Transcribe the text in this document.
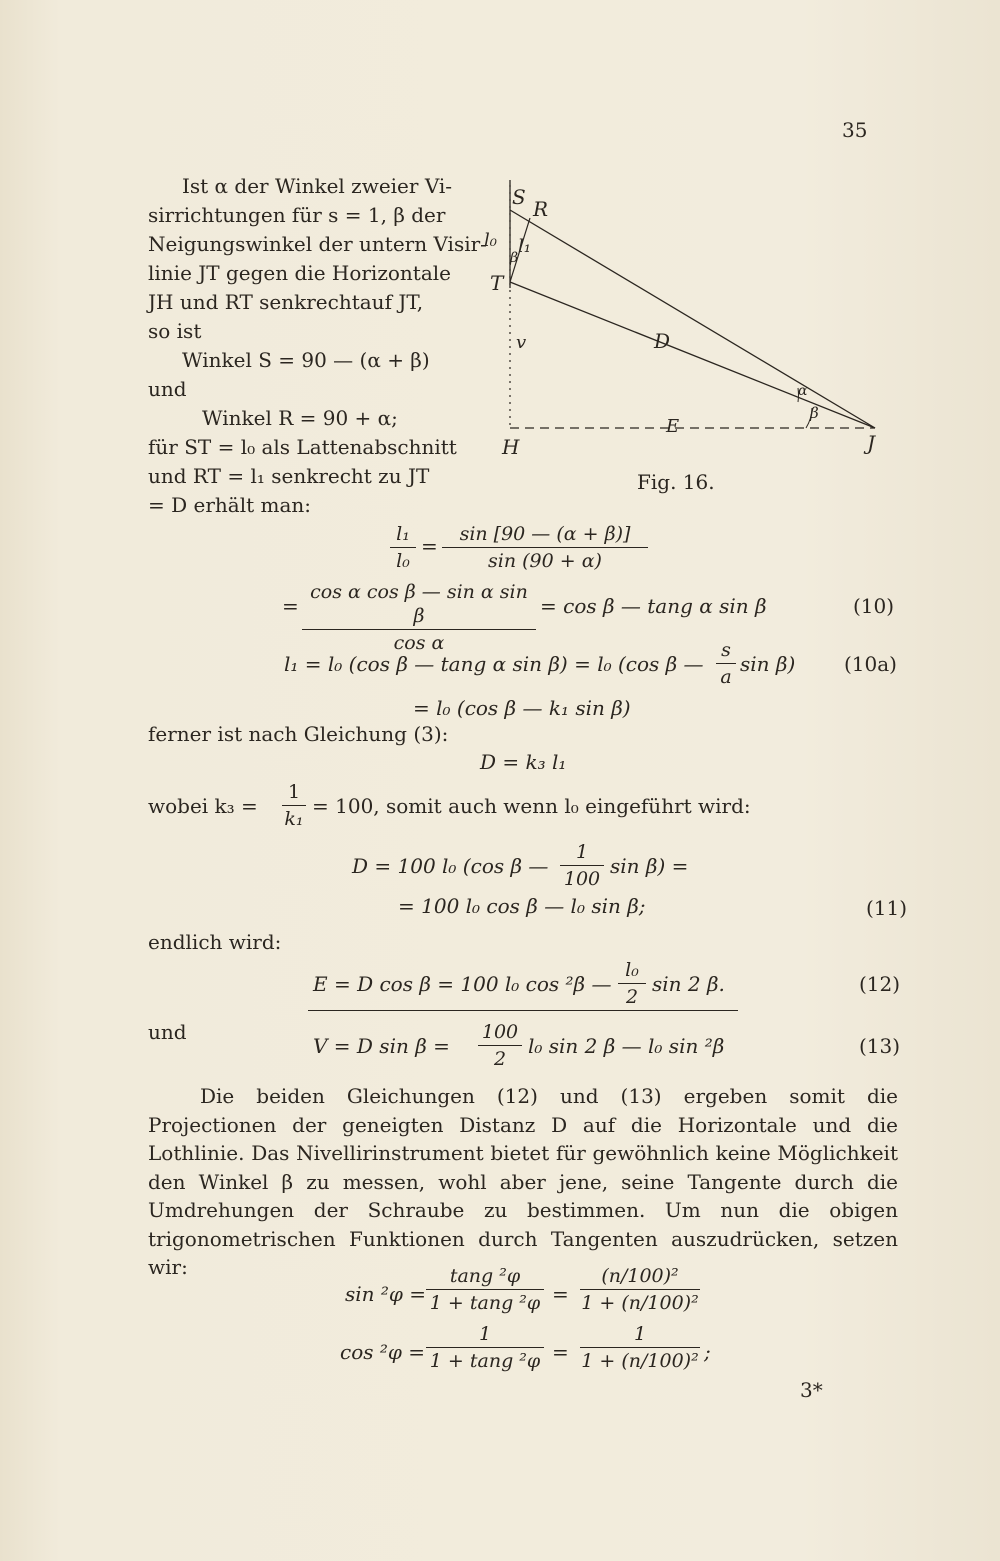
35
Ist α der Winkel zweier Vi-
sirrichtungen für s = 1, β der
Neigungswinkel der untern Visir-
linie JT gegen die Horizontale
JH und RT senkrechtauf JT,
so ist
Winkel S = 90 — (α + β)
und
Winkel R = 90 + α;
für ST = l₀ als Lattenabschnitt
und RT = l₁ senkrecht zu JT
= D erhält man:
S R
l₀ l₁
β
T
v	D
α
β
E
H	J
Fig. 16.
l₁
l₀
=	sin [90 — (α + β)]
sin (90 + α)
=
cos α cos β — sin α sin β
cos α
= cos β — tang α sin β	(10)
l₁ = l₀ (cos β — tang α sin β) = l₀ (cos β —
s
a
sin β) (10a)
= l₀ (cos β — k₁ sin β)
ferner ist nach Gleichung (3):
D = k₃ l₁
wobei k₃ =
1
k₁
= 100, somit auch wenn l₀ eingeführt wird:
D = 100 l₀ (cos β —
1
100
sin β) =
= 100 l₀ cos β — l₀ sin β;	(11)
endlich wird:
E = D cos β = 100 l₀ cos ²β —
l₀
2
sin 2 β.	(12)
und
V = D sin β =
100
2
l₀ sin 2 β — l₀ sin ²β	(13)

Die beiden Gleichungen (12) und (13) ergeben somit die Projectionen der geneigten Distanz D auf die Horizontale und die Lothlinie. Das Nivellirinstrument bietet für gewöhnlich keine Möglichkeit den Winkel β zu messen, wohl aber jene, seine Tangente durch die Umdrehungen der Schraube zu bestimmen. Um nun die obigen trigonometrischen Funktionen durch Tangenten auszudrücken, setzen wir:

sin ²φ =
tang ²φ
1 + tang ²φ =
(n/100)²
1 + (n/100)²
cos ²φ =
1
1 + tang ²φ =
1
1 + (n/100)² ;
3*
